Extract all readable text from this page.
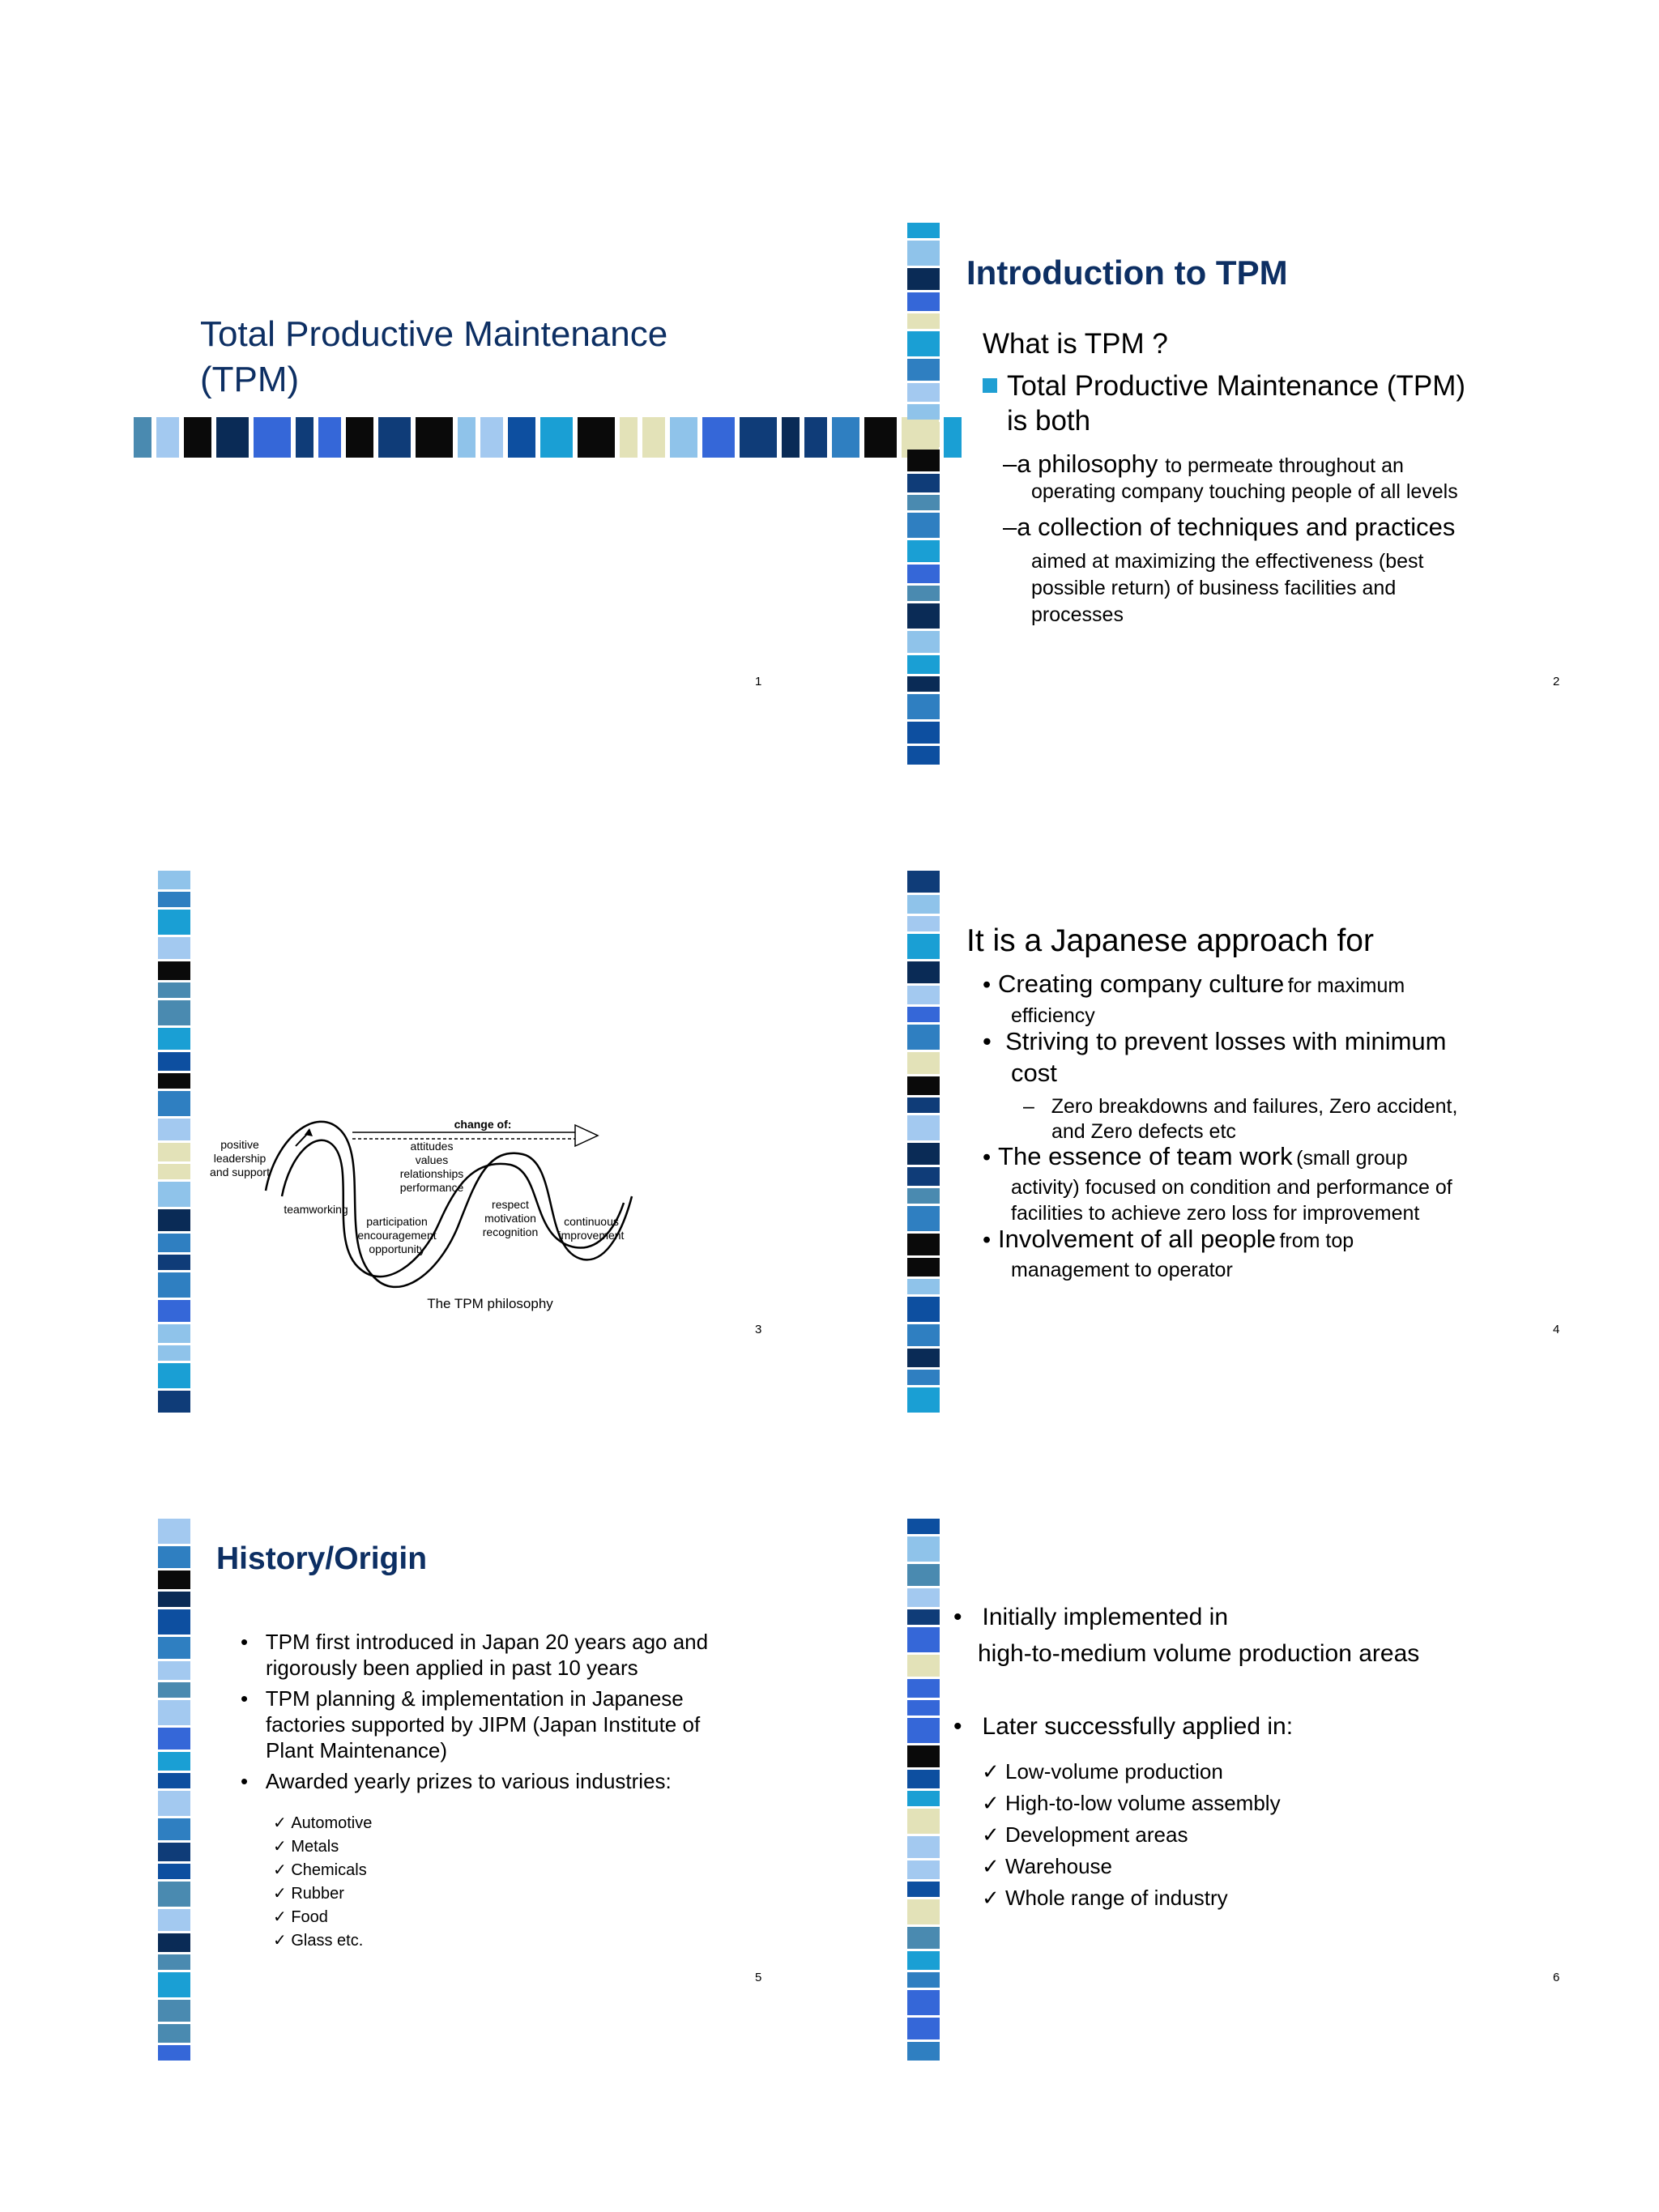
Total Productive Maintenance
(TPM)
1
Introduction to TPM
What is TPM ?
Total Productive Maintenance (TPM)
is both
–a philosophy to permeate throughout an
operating company touching people of all levels
–a collection of techniques and practices
aimed at maximizing the effectiveness (best
possible return) of business facilities and
processes
2
change of:
attitudes
values
relationships
performance
positive
leadership
and support
teamworking
participation
encouragement
opportunity
respect
motivation
recognition
continuous
improvement
The TPM philosophy
3
It is a Japanese approach for
• Creating company culture for maximum
efficiency
• Striving to prevent losses with minimum
cost
– Zero breakdowns and failures, Zero accident,
and Zero defects etc
• The essence of team work (small group
activity) focused on condition and performance of
facilities to achieve zero loss for improvement
• Involvement of all people from top
management to operator
4
History/Origin
• TPM first introduced in Japan 20 years ago and
rigorously been applied in past 10 years
• TPM planning & implementation in Japanese
factories supported by JIPM (Japan Institute of
Plant Maintenance)
• Awarded yearly prizes to various industries:
✓ Automotive
✓ Metals
✓ Chemicals
✓ Rubber
✓ Food
✓ Glass etc.
5
• Initially implemented in
high-to-medium volume production areas
• Later successfully applied in:
✓ Low-volume production
✓ High-to-low volume assembly
✓ Development areas
✓ Warehouse
✓ Whole range of industry
6
